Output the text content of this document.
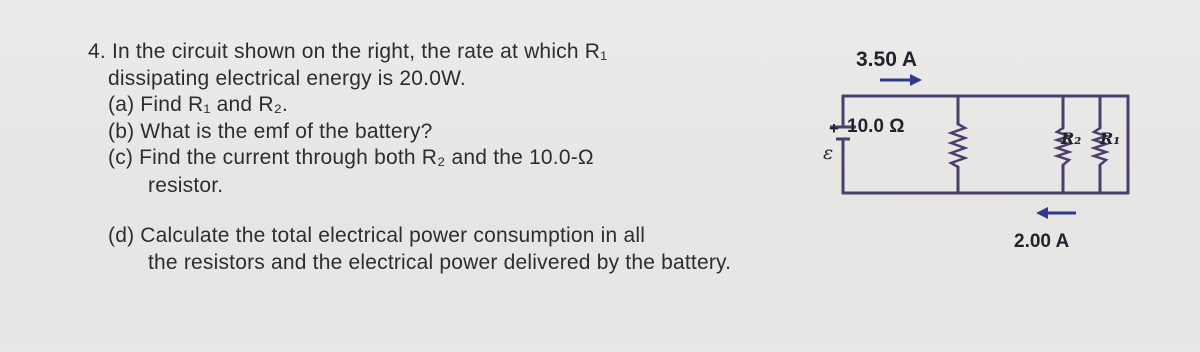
4. In the circuit shown on the right, the rate at which R₁
dissipating electrical energy is 20.0W.
(a) Find R₁ and R₂.
(b) What is the emf of the battery?
(c) Find the current through both R₂ and the 10.0-Ω
resistor.
(d) Calculate the total electrical power consumption in all
the resistors and the electrical power delivered by the battery.
3.50 A
+ 10.0 Ω
ε
R₂ R₁
2.00 A
